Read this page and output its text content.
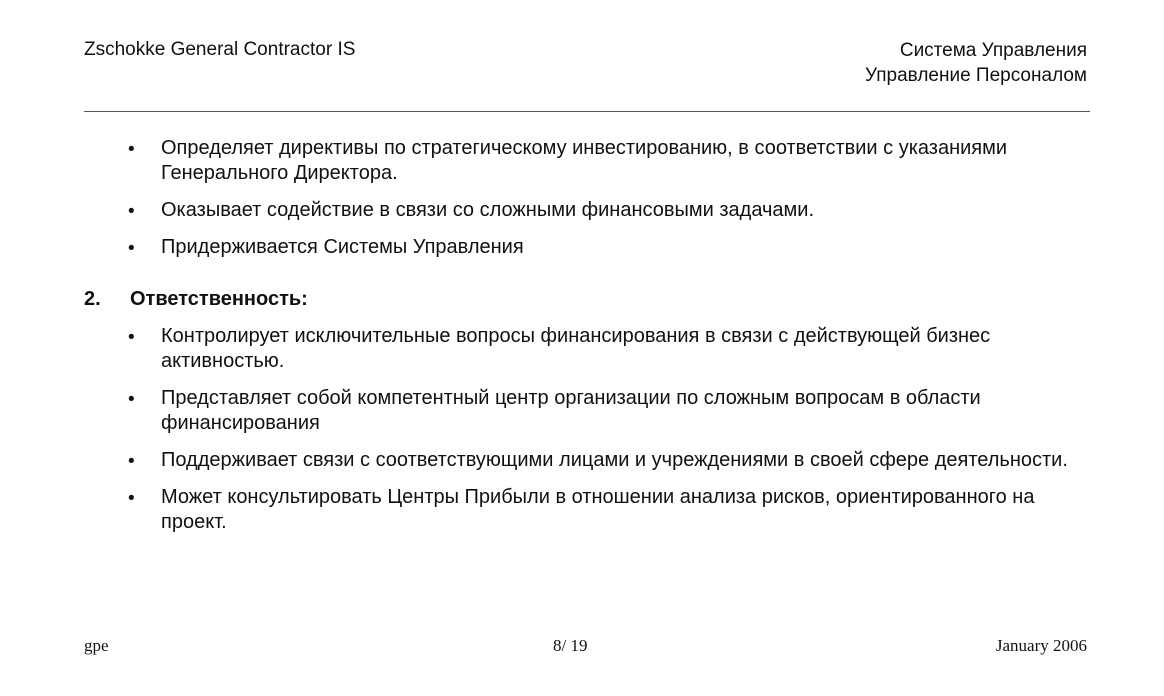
Zschokke General Contractor IS	Система Управления
Управление Персоналом
• Определяет директивы по стратегическому инвестированию, в соответствии с указаниями Генерального Директора.
• Оказывает содействие в связи со сложными финансовыми задачами.
• Придерживается Системы Управления
2. Ответственность:
• Контролирует исключительные вопросы финансирования в связи с действующей бизнес активностью.
• Представляет собой компетентный центр организации по сложным вопросам в области финансирования
• Поддерживает связи с соответствующими лицами и учреждениями в своей сфере деятельности.
• Может консультировать Центры Прибыли в отношении анализа рисков, ориентированного на проект.
gpe	8/ 19	January 2006
